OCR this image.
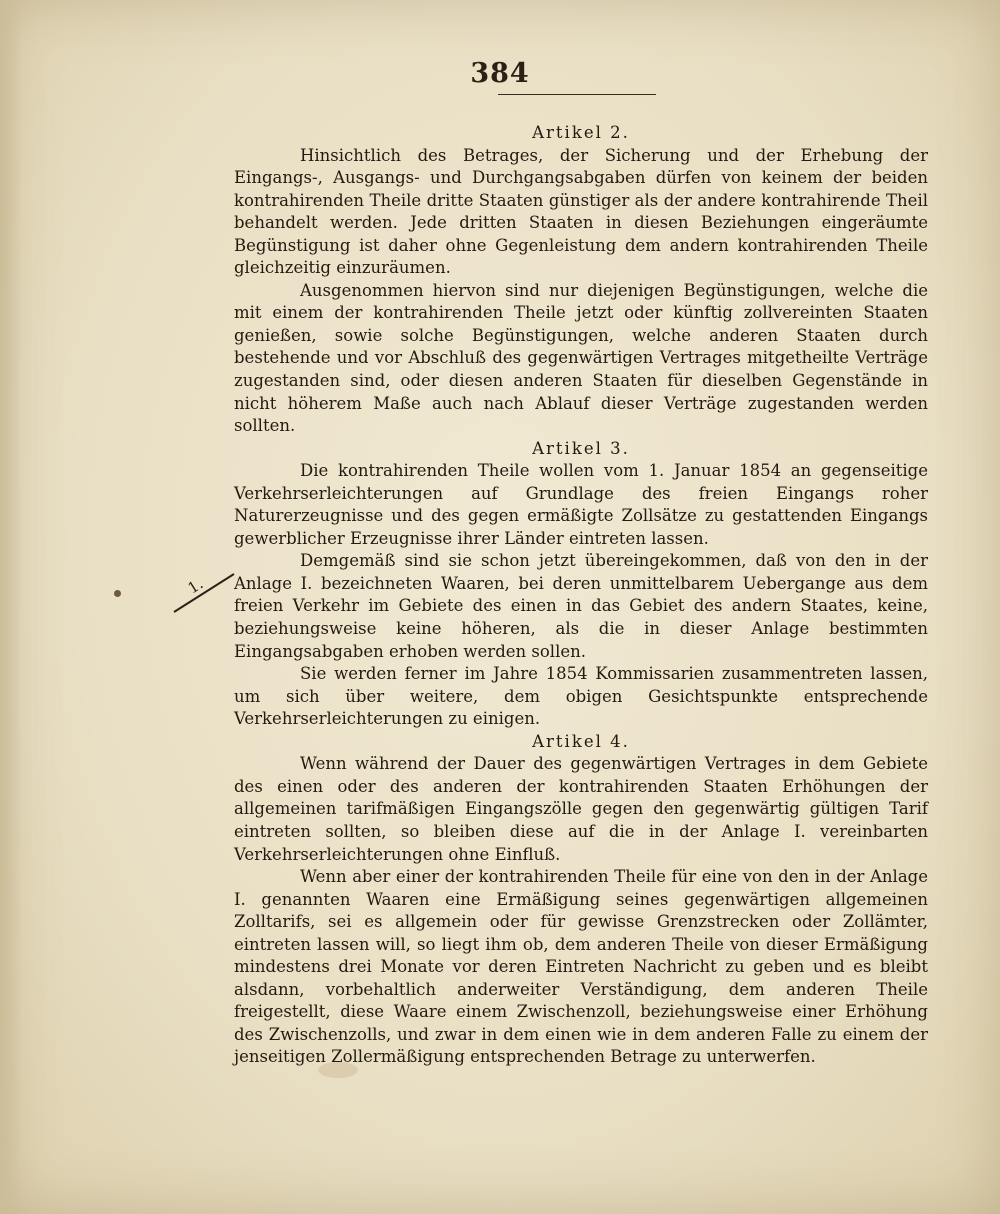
384
1.

Artikel 2.

Hinsichtlich des Betrages, der Sicherung und der Erhebung der Eingangs-, Ausgangs- und Durchgangsabgaben dürfen von keinem der beiden kontrahirenden Theile dritte Staaten günstiger als der andere kontrahirende Theil behandelt werden. Jede dritten Staaten in diesen Beziehungen eingeräumte Begünstigung ist daher ohne Gegenleistung dem andern kontrahirenden Theile gleichzeitig einzuräumen.

Ausgenommen hiervon sind nur diejenigen Begünstigungen, welche die mit einem der kontrahirenden Theile jetzt oder künftig zollvereinten Staaten genießen, sowie solche Begünstigungen, welche anderen Staaten durch bestehende und vor Abschluß des gegenwärtigen Vertrages mitgetheilte Verträge zugestanden sind, oder diesen anderen Staaten für dieselben Gegenstände in nicht höherem Maße auch nach Ablauf dieser Verträge zugestanden werden sollten.

Artikel 3.

Die kontrahirenden Theile wollen vom 1. Januar 1854 an gegenseitige Verkehrserleichterungen auf Grundlage des freien Eingangs roher Naturerzeugnisse und des gegen ermäßigte Zollsätze zu gestattenden Eingangs gewerblicher Erzeugnisse ihrer Länder eintreten lassen.

Demgemäß sind sie schon jetzt übereingekommen, daß von den in der Anlage I. bezeichneten Waaren, bei deren unmittelbarem Uebergange aus dem freien Verkehr im Gebiete des einen in das Gebiet des andern Staates, keine, beziehungsweise keine höheren, als die in dieser Anlage bestimmten Eingangsabgaben erhoben werden sollen.

Sie werden ferner im Jahre 1854 Kommissarien zusammentreten lassen, um sich über weitere, dem obigen Gesichtspunkte entsprechende Verkehrserleichterungen zu einigen.

Artikel 4.

Wenn während der Dauer des gegenwärtigen Vertrages in dem Gebiete des einen oder des anderen der kontrahirenden Staaten Erhöhungen der allgemeinen tarifmäßigen Eingangszölle gegen den gegenwärtig gültigen Tarif eintreten sollten, so bleiben diese auf die in der Anlage I. vereinbarten Verkehrserleichterungen ohne Einfluß.

Wenn aber einer der kontrahirenden Theile für eine von den in der Anlage I. genannten Waaren eine Ermäßigung seines gegenwärtigen allgemeinen Zolltarifs, sei es allgemein oder für gewisse Grenzstrecken oder Zollämter, eintreten lassen will, so liegt ihm ob, dem anderen Theile von dieser Ermäßigung mindestens drei Monate vor deren Eintreten Nachricht zu geben und es bleibt alsdann, vorbehaltlich anderweiter Verständigung, dem anderen Theile freigestellt, diese Waare einem Zwischenzoll, beziehungsweise einer Erhöhung des Zwischenzolls, und zwar in dem einen wie in dem anderen Falle zu einem der jenseitigen Zollermäßigung entsprechenden Betrage zu unterwerfen.
